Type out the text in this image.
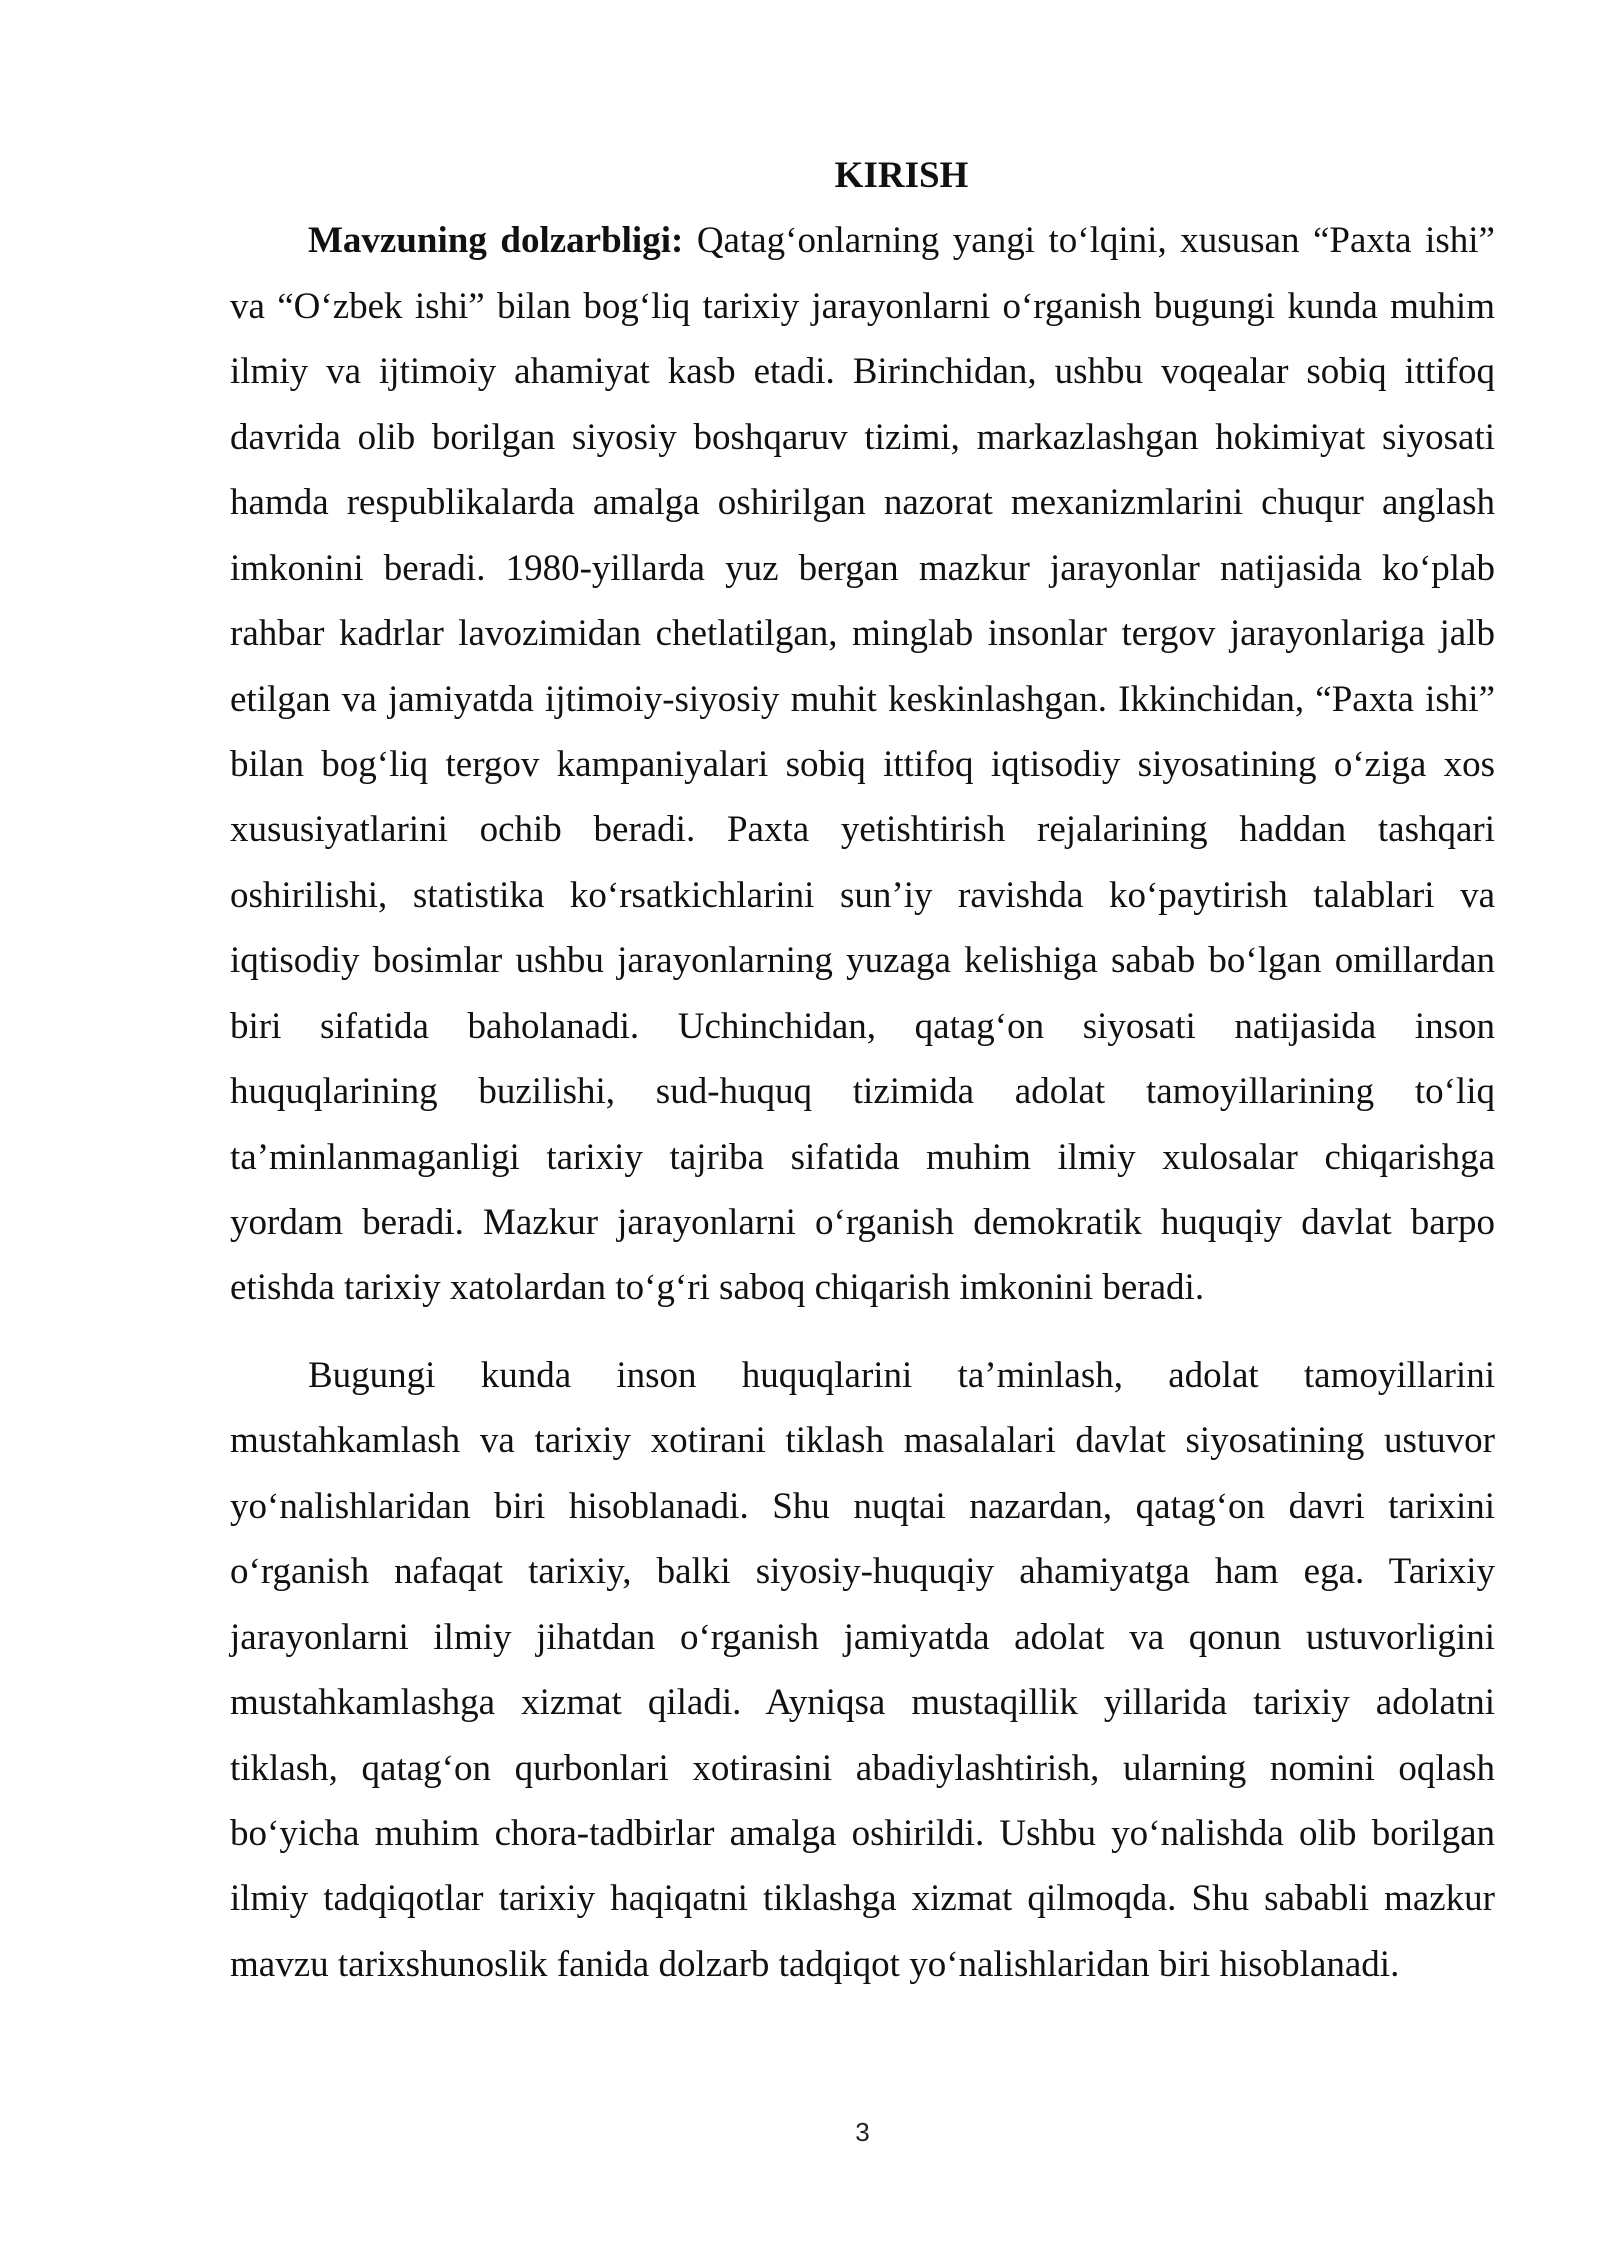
KIRISH
Mavzuning dolzarbligi: Qatag‘onlarning yangi to‘lqini, xususan “Paxta ishi”
va “O‘zbek ishi” bilan bog‘liq tarixiy jarayonlarni o‘rganish bugungi kunda muhim
ilmiy va ijtimoiy ahamiyat kasb etadi. Birinchidan, ushbu voqealar sobiq ittifoq
davrida olib borilgan siyosiy boshqaruv tizimi, markazlashgan hokimiyat siyosati
hamda respublikalarda amalga oshirilgan nazorat mexanizmlarini chuqur anglash
imkonini beradi. 1980-yillarda yuz bergan mazkur jarayonlar natijasida ko‘plab
rahbar kadrlar lavozimidan chetlatilgan, minglab insonlar tergov jarayonlariga jalb
etilgan va jamiyatda ijtimoiy-siyosiy muhit keskinlashgan. Ikkinchidan, “Paxta ishi”
bilan bog‘liq tergov kampaniyalari sobiq ittifoq iqtisodiy siyosatining o‘ziga xos
xususiyatlarini ochib beradi. Paxta yetishtirish rejalarining haddan tashqari
oshirilishi, statistika ko‘rsatkichlarini sun’iy ravishda ko‘paytirish talablari va
iqtisodiy bosimlar ushbu jarayonlarning yuzaga kelishiga sabab bo‘lgan omillardan
biri sifatida baholanadi. Uchinchidan, qatag‘on siyosati natijasida inson
huquqlarining buzilishi, sud-huquq tizimida adolat tamoyillarining to‘liq
ta’minlanmaganligi tarixiy tajriba sifatida muhim ilmiy xulosalar chiqarishga
yordam beradi. Mazkur jarayonlarni o‘rganish demokratik huquqiy davlat barpo
etishda tarixiy xatolardan to‘g‘ri saboq chiqarish imkonini beradi.
Bugungi kunda inson huquqlarini ta’minlash, adolat tamoyillarini
mustahkamlash va tarixiy xotirani tiklash masalalari davlat siyosatining ustuvor
yo‘nalishlaridan biri hisoblanadi. Shu nuqtai nazardan, qatag‘on davri tarixini
o‘rganish nafaqat tarixiy, balki siyosiy-huquqiy ahamiyatga ham ega. Tarixiy
jarayonlarni ilmiy jihatdan o‘rganish jamiyatda adolat va qonun ustuvorligini
mustahkamlashga xizmat qiladi. Ayniqsa mustaqillik yillarida tarixiy adolatni
tiklash, qatag‘on qurbonlari xotirasini abadiylashtirish, ularning nomini oqlash
bo‘yicha muhim chora-tadbirlar amalga oshirildi. Ushbu yo‘nalishda olib borilgan
ilmiy tadqiqotlar tarixiy haqiqatni tiklashga xizmat qilmoqda. Shu sababli mazkur
mavzu tarixshunoslik fanida dolzarb tadqiqot yo‘nalishlaridan biri hisoblanadi.
3
